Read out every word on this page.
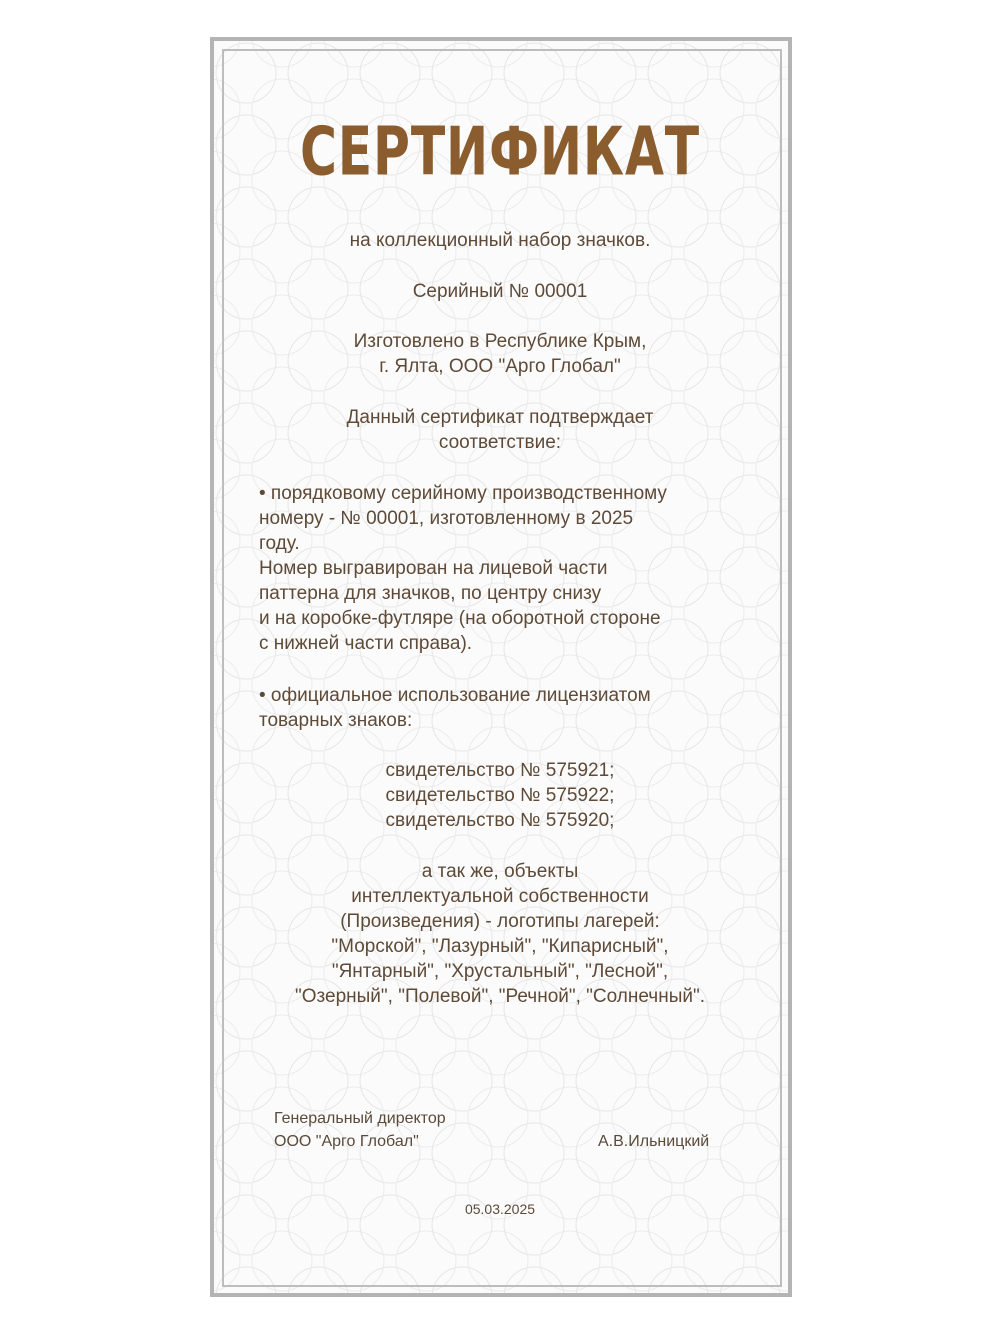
СЕРТИФИКАТ

на коллекционный набор значков.

Серийный № 00001

Изготовлено в Республике Крым,

г. Ялта, ООО "Арго Глобал"

Данный сертификат подтверждает

соответствие:

• порядковому серийному производственному

номеру - № 00001, изготовленному в 2025

году.

Номер выгравирован на лицевой части

паттерна для значков, по центру снизу

и на коробке-футляре (на оборотной стороне

с нижней части справа).

• официальное использование лицензиатом

товарных знаков:

свидетельство № 575921;

свидетельство № 575922;

свидетельство № 575920;

а так же, объекты

интеллектуальной собственности

(Произведения) - логотипы лагерей:

"Морской", "Лазурный", "Кипарисный",

"Янтарный", "Хрустальный", "Лесной",

"Озерный", "Полевой", "Речной", "Солнечный".

Генеральный директор

ООО "Арго Глобал"	А.В.Ильницкий

05.03.2025
